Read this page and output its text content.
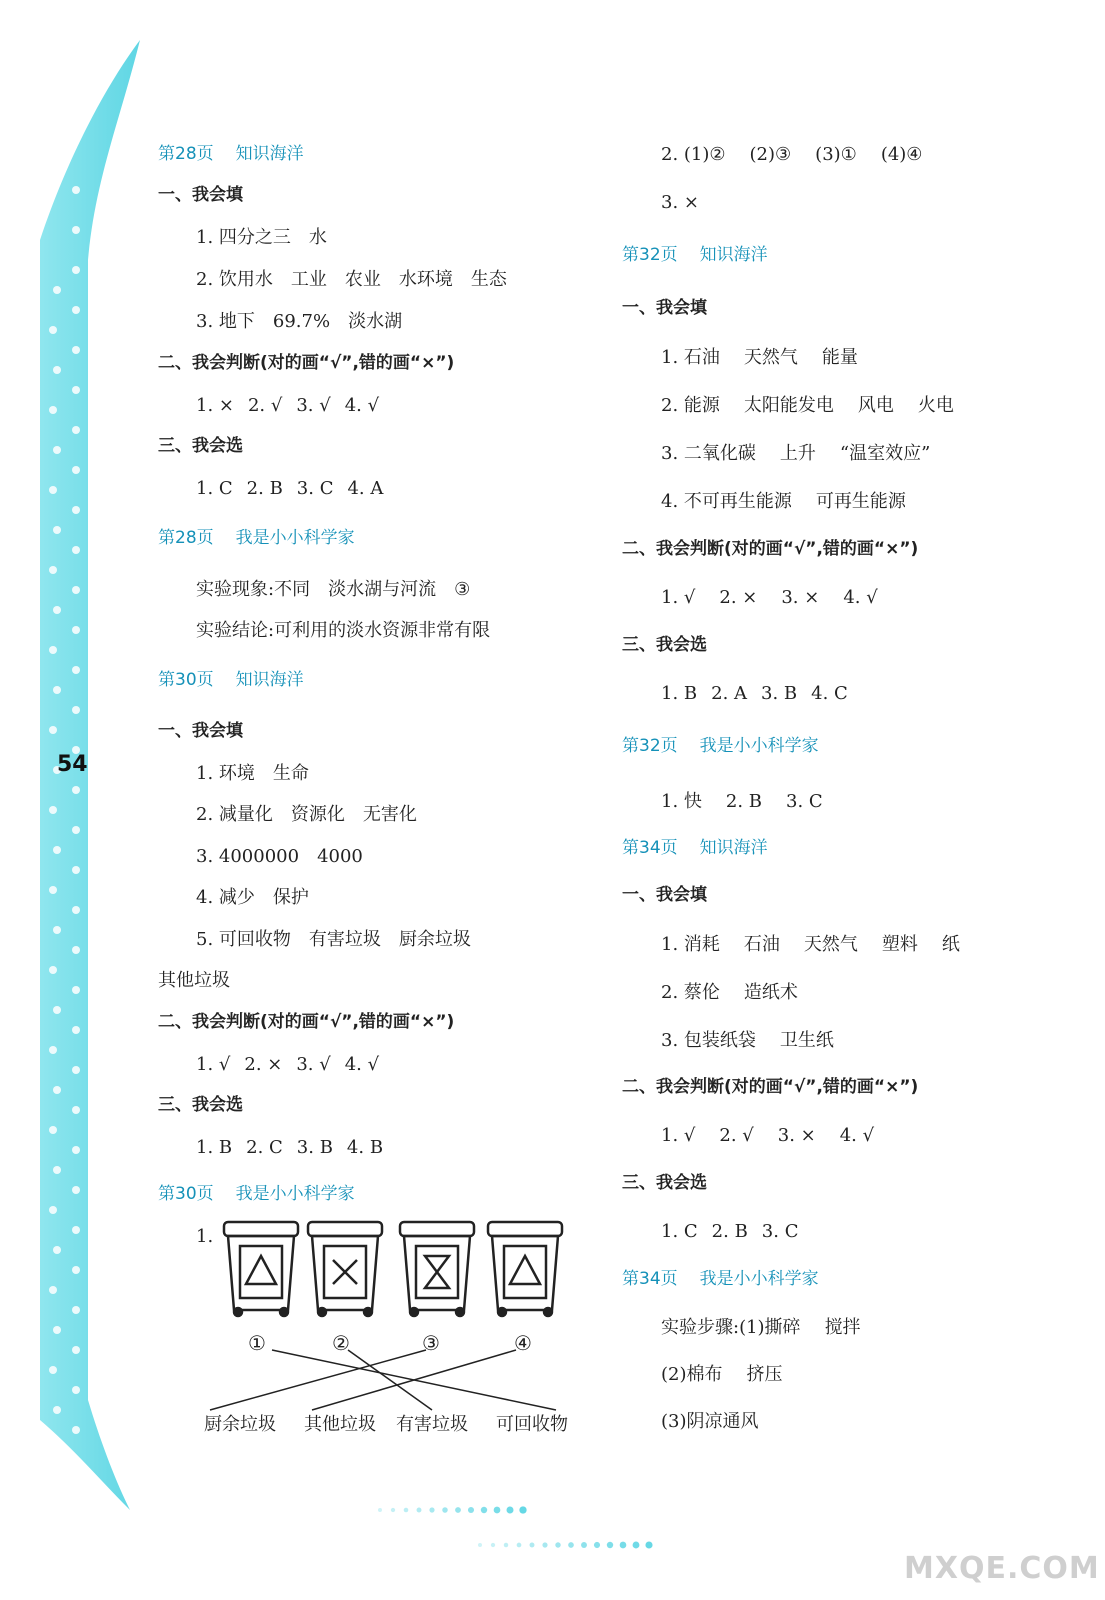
54
第28页 知识海洋
一、我会填
1. 四分之三 水
2. 饮用水 工业 农业 水环境 生态
3. 地下 69.7% 淡水湖
二、我会判断(对的画“√”,错的画“×”)
1. × 2. √ 3. √ 4. √
三、我会选
1. C 2. B 3. C 4. A
第28页 我是小小科学家
实验现象:不同 淡水湖与河流 ③
实验结论:可利用的淡水资源非常有限
第30页 知识海洋
一、我会填
1. 环境 生命
2. 减量化 资源化 无害化
3. 4000000 4000
4. 减少 保护
5. 可回收物 有害垃圾 厨余垃圾
其他垃圾
二、我会判断(对的画“√”,错的画“×”)
1. √ 2. × 3. √ 4. √
三、我会选
1. B 2. C 3. B 4. B
第30页 我是小小科学家
1.
①	②	③	④
厨余垃圾 其他垃圾 有害垃圾 可回收物
2. (1)② (2)③ (3)① (4)④
3. ×
第32页 知识海洋
一、我会填
1. 石油 天然气 能量
2. 能源 太阳能发电 风电 火电
3. 二氧化碳 上升 “温室效应”
4. 不可再生能源 可再生能源
二、我会判断(对的画“√”,错的画“×”)
1. √ 2. × 3. × 4. √
三、我会选
1. B 2. A 3. B 4. C
第32页 我是小小科学家
1. 快 2. B 3. C
第34页 知识海洋
一、我会填
1. 消耗 石油 天然气 塑料 纸
2. 蔡伦 造纸术
3. 包装纸袋 卫生纸
二、我会判断(对的画“√”,错的画“×”)
1. √ 2. √ 3. × 4. √
三、我会选
1. C 2. B 3. C
第34页 我是小小科学家
实验步骤:(1)撕碎 搅拌
(2)棉布 挤压
(3)阴凉通风
MXQE.COM
